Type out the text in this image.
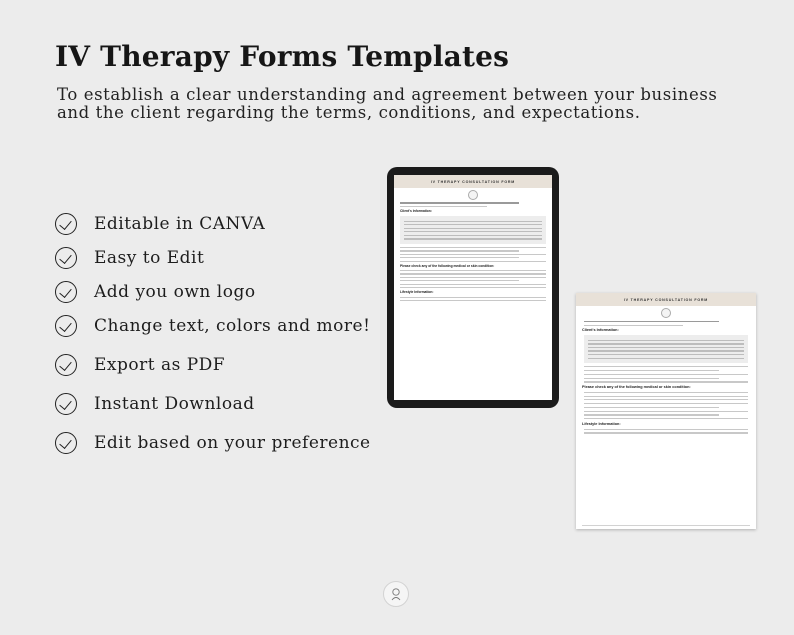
IV Therapy Forms Templates
To establish a clear understanding and agreement between your business and the client regarding the terms, conditions, and expectations.
Editable in CANVA
Easy to Edit
Add you own logo
Change text, colors and more!
Export as PDF
Instant Download
Edit based on your preference
IV THERAPY CONSULTATION FORM
Client's Information:
Please check any of the following medical or skin condition:
Lifestyle Information:
IV THERAPY CONSULTATION FORM
Client's Information:
Please check any of the following medical or skin condition:
Lifestyle Information:
